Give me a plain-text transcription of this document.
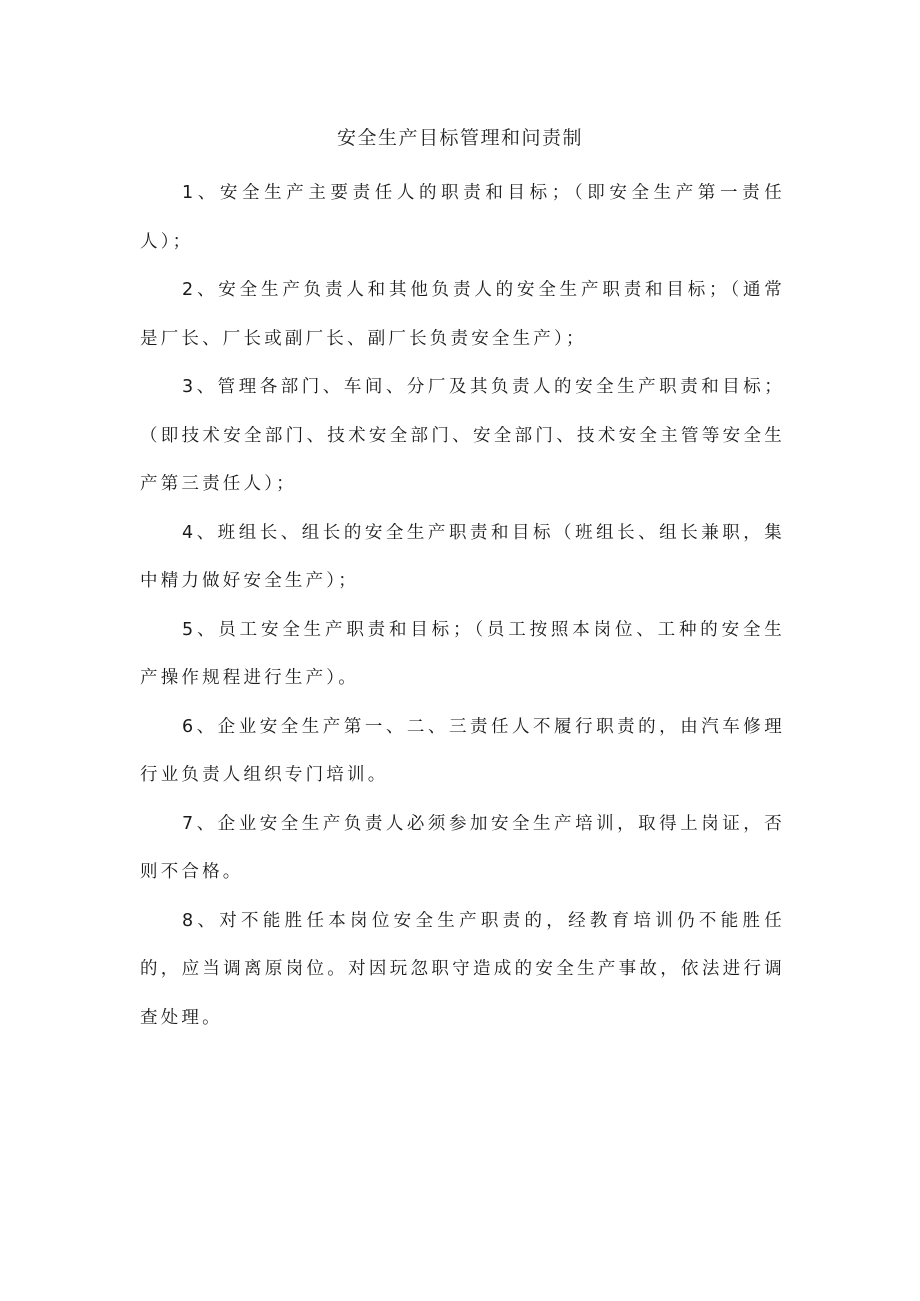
安全生产目标管理和问责制

1、安全生产主要责任人的职责和目标；（即安全生产第一责任人）；

2、安全生产负责人和其他负责人的安全生产职责和目标；（通常是厂长、厂长或副厂长、副厂长负责安全生产）；

3、管理各部门、车间、分厂及其负责人的安全生产职责和目标；（即技术安全部门、技术安全部门、安全部门、技术安全主管等安全生产第三责任人）；

4、班组长、组长的安全生产职责和目标（班组长、组长兼职，集中精力做好安全生产）；

5、员工安全生产职责和目标；（员工按照本岗位、工种的安全生产操作规程进行生产）。

6、企业安全生产第一、二、三责任人不履行职责的，由汽车修理行业负责人组织专门培训。

7、企业安全生产负责人必须参加安全生产培训，取得上岗证，否则不合格。

8、对不能胜任本岗位安全生产职责的，经教育培训仍不能胜任的，应当调离原岗位。对因玩忽职守造成的安全生产事故，依法进行调查处理。
